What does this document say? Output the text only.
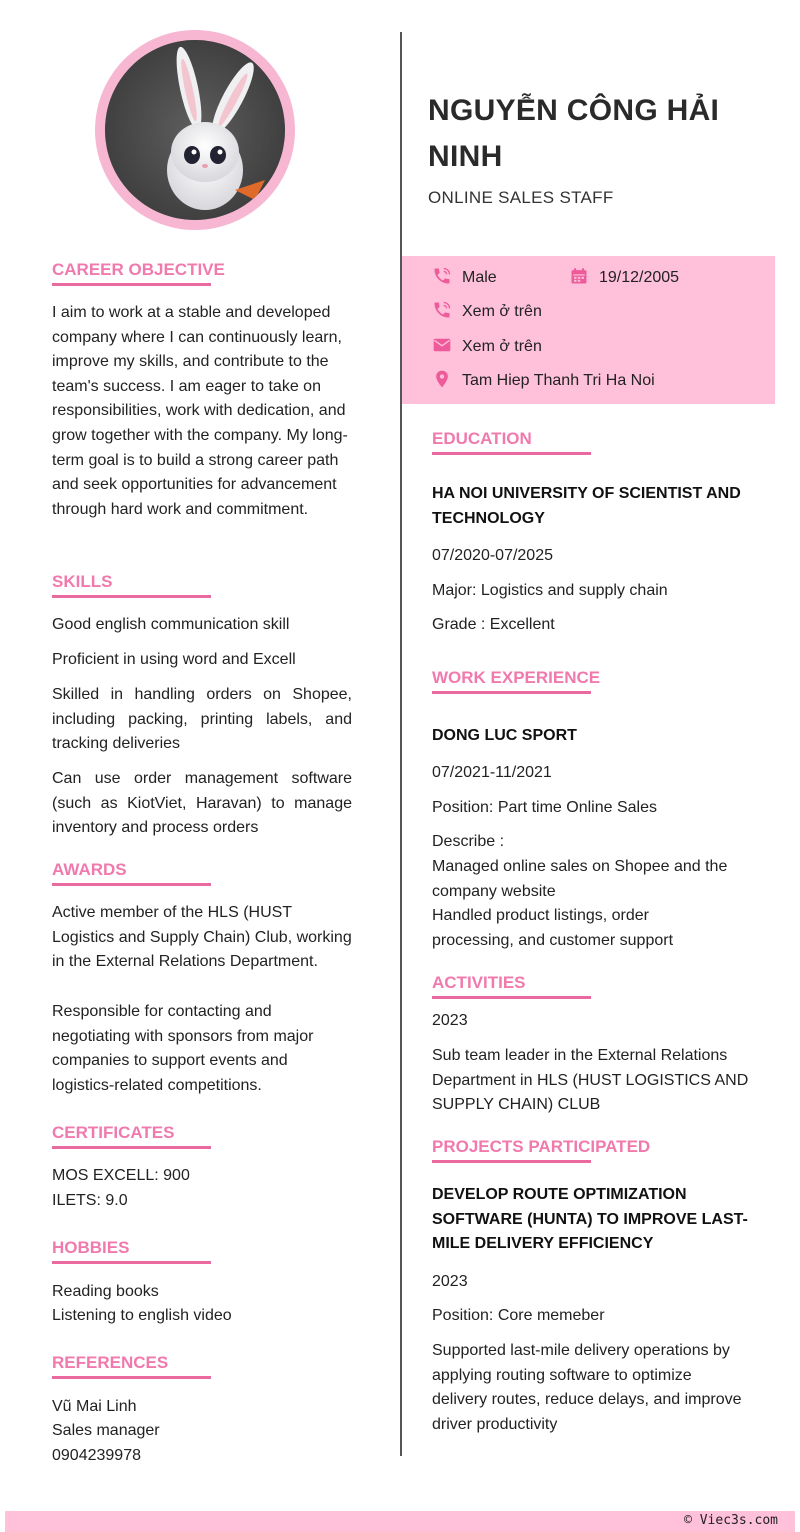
CAREER OBJECTIVE
I aim to work at a stable and developed company where I can continuously learn, improve my skills, and contribute to the team's success. I am eager to take on responsibilities, work with dedication, and grow together with the company. My long-term goal is to build a strong career path and seek opportunities for advancement through hard work and commitment.
SKILLS
Good english communication skill
Proficient in using word and Excell
Skilled in handling orders on Shopee, including packing, printing labels, and tracking deliveries
Can use order management software (such as KiotViet, Haravan) to manage inventory and process orders
AWARDS
Active member of the HLS (HUST Logistics and Supply Chain) Club, working in the External Relations Department.
Responsible for contacting and negotiating with sponsors from major companies to support events and logistics-related competitions.
CERTIFICATES
MOS EXCELL: 900
ILETS: 9.0
HOBBIES
Reading books
Listening to english video
REFERENCES
Vũ Mai Linh
Sales manager
0904239978
NGUYỄN CÔNG HẢI NINH
ONLINE SALES STAFF
Male	19/12/2005
Xem ở trên
Xem ở trên
Tam Hiep Thanh Tri Ha Noi
EDUCATION
HA NOI UNIVERSITY OF SCIENTIST AND TECHNOLOGY
07/2020-07/2025
Major: Logistics and supply chain
Grade : Excellent
WORK EXPERIENCE
DONG LUC SPORT
07/2021-11/2021
Position: Part time Online Sales
Describe :
Managed online sales on Shopee and the company website
Handled product listings, order processing, and customer support
ACTIVITIES
2023
Sub team leader in the External Relations Department in HLS (HUST LOGISTICS AND SUPPLY CHAIN) CLUB
PROJECTS PARTICIPATED
DEVELOP ROUTE OPTIMIZATION SOFTWARE (HUNTA) TO IMPROVE LAST-MILE DELIVERY EFFICIENCY
2023
Position: Core memeber
Supported last-mile delivery operations by applying routing software to optimize delivery routes, reduce delays, and improve driver productivity
© Viec3s.com
